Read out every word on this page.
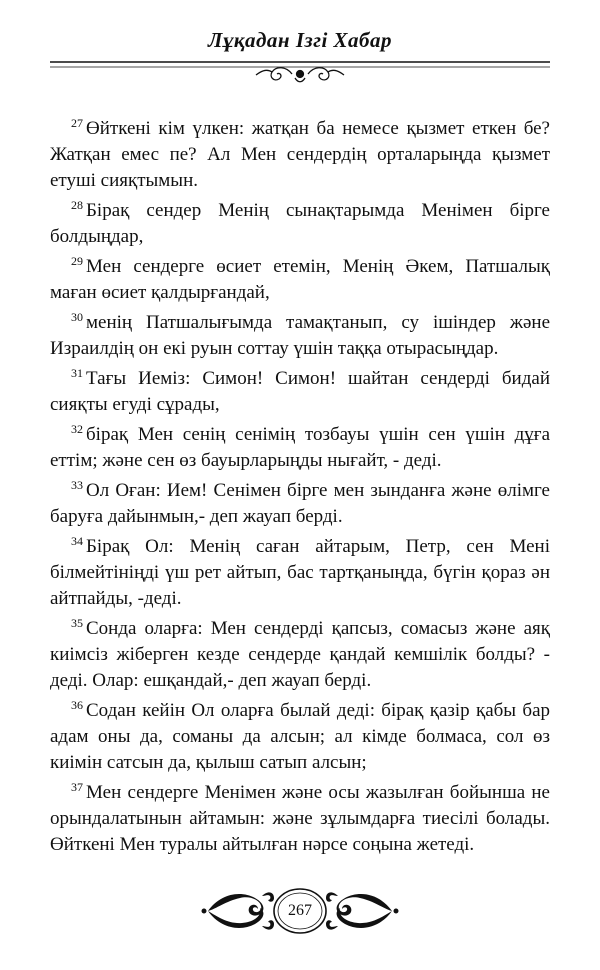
Лұқадан Ізгі Хабар

$^{27}$ Өйткені кім үлкен: жатқан ба немесе қызмет еткен бе? Жатқан емес пе? Ал Мен сендердің орталарыңда қызмет етуші сияқтымын.

$^{28}$ Бірақ сендер Менің сынақтарымда Менімен бірге болдыңдар,

$^{29}$ Мен сендерге өсиет етемін, Менің Әкем, Патшалық маған өсиет қалдырғандай,

$^{30}$ менің Патшалығымда тамақтанып, су ішіндер және Израилдің он екі руын соттау үшін таққа отырасыңдар.

$^{31}$ Тағы Иеміз: Симон! Симон! шайтан сендерді бидай сияқты егуді сұрады,

$^{32}$ бірақ Мен сенің сенімің тозбауы үшін сен үшін дұға еттім; және сен өз бауырларыңды нығайт, - деді.

$^{33}$ Ол Оған: Ием! Сенімен бірге мен зынданға және өлімге баруға дайынмын,- деп жауап берді.

$^{34}$ Бірақ Ол: Менің саған айтарым, Петр, сен Мені білмейтініңді үш рет айтып, бас тартқаныңда, бүгін қораз ән айтпайды, -деді.

$^{35}$ Сонда оларға: Мен сендерді қапсыз, сомасыз және аяқ киімсіз жіберген кезде сендерде қандай кемшілік болды? - деді. Олар: ешқандай,- деп жауап берді.

$^{36}$ Содан кейін Ол оларға былай деді: бірақ қазір қабы бар адам оны да, соманы да алсын; ал кімде болмаса, сол өз киімін сатсын да, қылыш сатып алсын;

$^{37}$ Мен сендерге Менімен және осы жазылған бойынша не орындалатынын айтамын: және зұлымдарға тиесілі болады. Өйткені Мен туралы айтылған нәрсе соңына жетеді.

267
